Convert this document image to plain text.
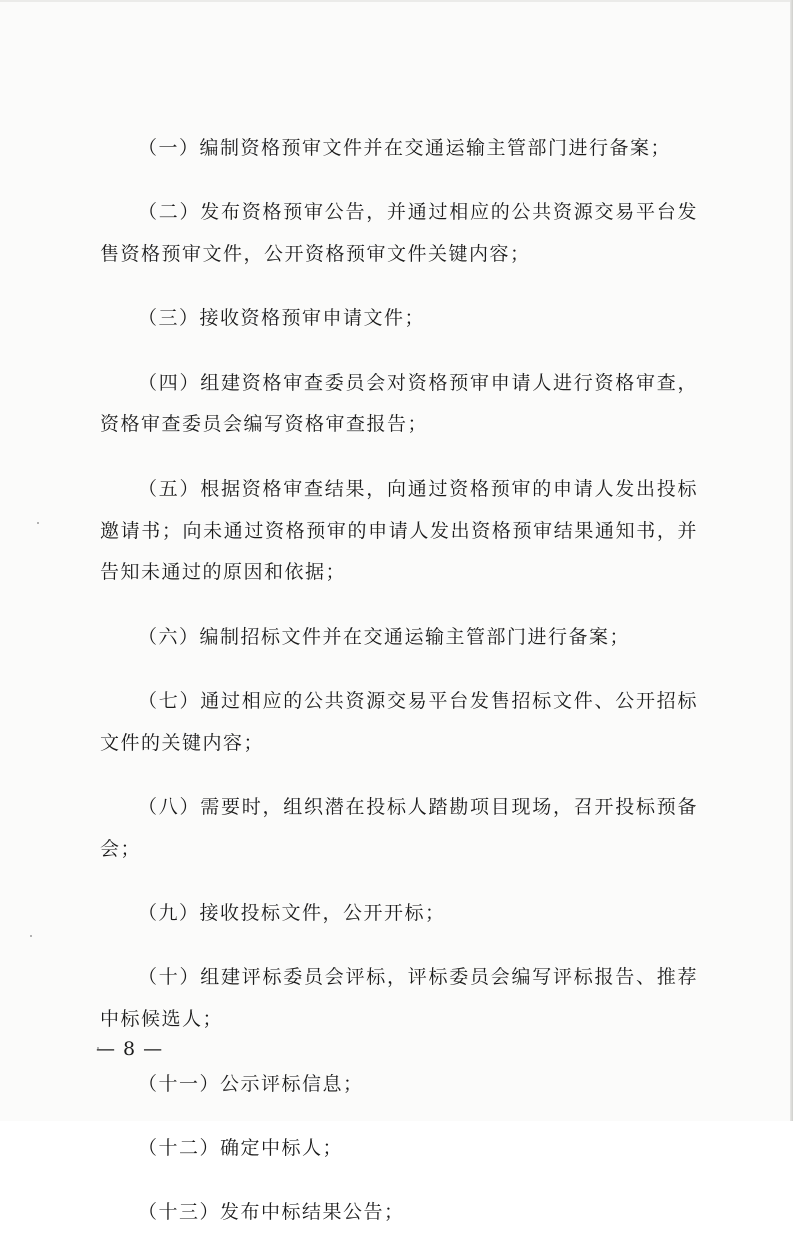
（一）编制资格预审文件并在交通运输主管部门进行备案；

（二）发布资格预审公告，并通过相应的公共资源交易平台发售资格预审文件，公开资格预审文件关键内容；

（三）接收资格预审申请文件；

（四）组建资格审查委员会对资格预审申请人进行资格审查，资格审查委员会编写资格审查报告；

（五）根据资格审查结果，向通过资格预审的申请人发出投标邀请书；向未通过资格预审的申请人发出资格预审结果通知书，并告知未通过的原因和依据；

（六）编制招标文件并在交通运输主管部门进行备案；

（七）通过相应的公共资源交易平台发售招标文件、公开招标文件的关键内容；

（八）需要时，组织潜在投标人踏勘项目现场，召开投标预备会；

（九）接收投标文件，公开开标；

（十）组建评标委员会评标，评标委员会编写评标报告、推荐中标候选人；

（十一）公示评标信息；

（十二）确定中标人；

（十三）发布中标结果公告；

— 8 —
